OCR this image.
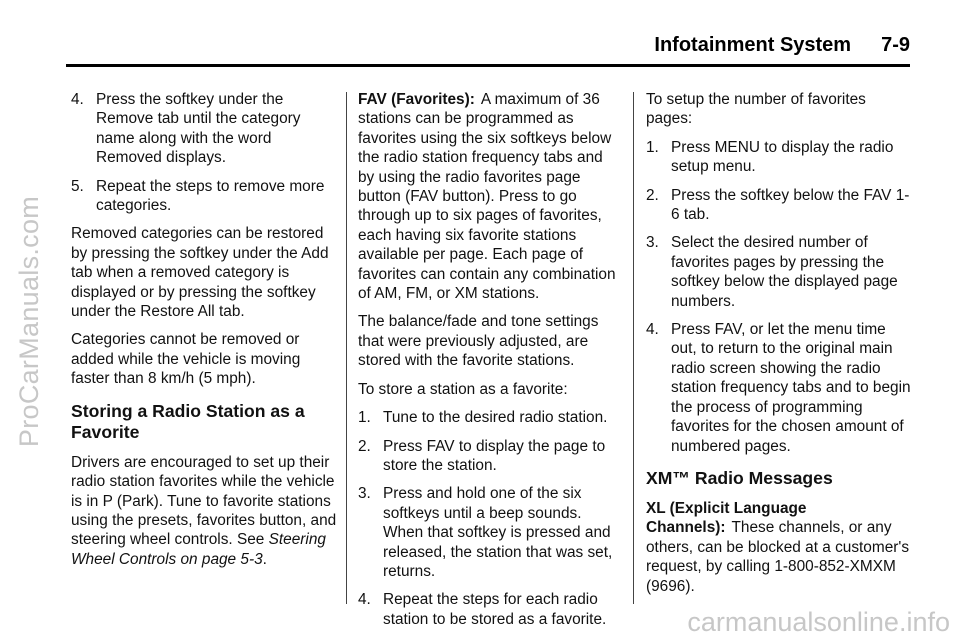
ProCarManuals.com
Infotainment System 7-9
4. Press the softkey under the Remove tab until the category name along with the word Removed displays.
5. Repeat the steps to remove more categories.

Removed categories can be restored by pressing the softkey under the Add tab when a removed category is displayed or by pressing the softkey under the Restore All tab.

Categories cannot be removed or added while the vehicle is moving faster than 8 km/h (5 mph).

Storing a Radio Station as a Favorite

Drivers are encouraged to set up their radio station favorites while the vehicle is in P (Park). Tune to favorite stations using the presets, favorites button, and steering wheel controls. See Steering Wheel Controls on page 5-3.

FAV (Favorites): A maximum of 36 stations can be programmed as favorites using the six softkeys below the radio station frequency tabs and by using the radio favorites page button (FAV button). Press to go through up to six pages of favorites, each having six favorite stations available per page. Each page of favorites can contain any combination of AM, FM, or XM stations.

The balance/fade and tone settings that were previously adjusted, are stored with the favorite stations.

To store a station as a favorite:

1. Tune to the desired radio station.
2. Press FAV to display the page to store the station.
3. Press and hold one of the six softkeys until a beep sounds. When that softkey is pressed and released, the station that was set, returns.
4. Repeat the steps for each radio station to be stored as a favorite.

To setup the number of favorites pages:

1. Press MENU to display the radio setup menu.
2. Press the softkey below the FAV 1-6 tab.
3. Select the desired number of favorites pages by pressing the softkey below the displayed page numbers.
4. Press FAV, or let the menu time out, to return to the original main radio screen showing the radio station frequency tabs and to begin the process of programming favorites for the chosen amount of numbered pages.
XM™ Radio Messages

XL (Explicit Language Channels): These channels, or any others, can be blocked at a customer's request, by calling 1-800-852-XMXM (9696).

carmanualsonline.info
